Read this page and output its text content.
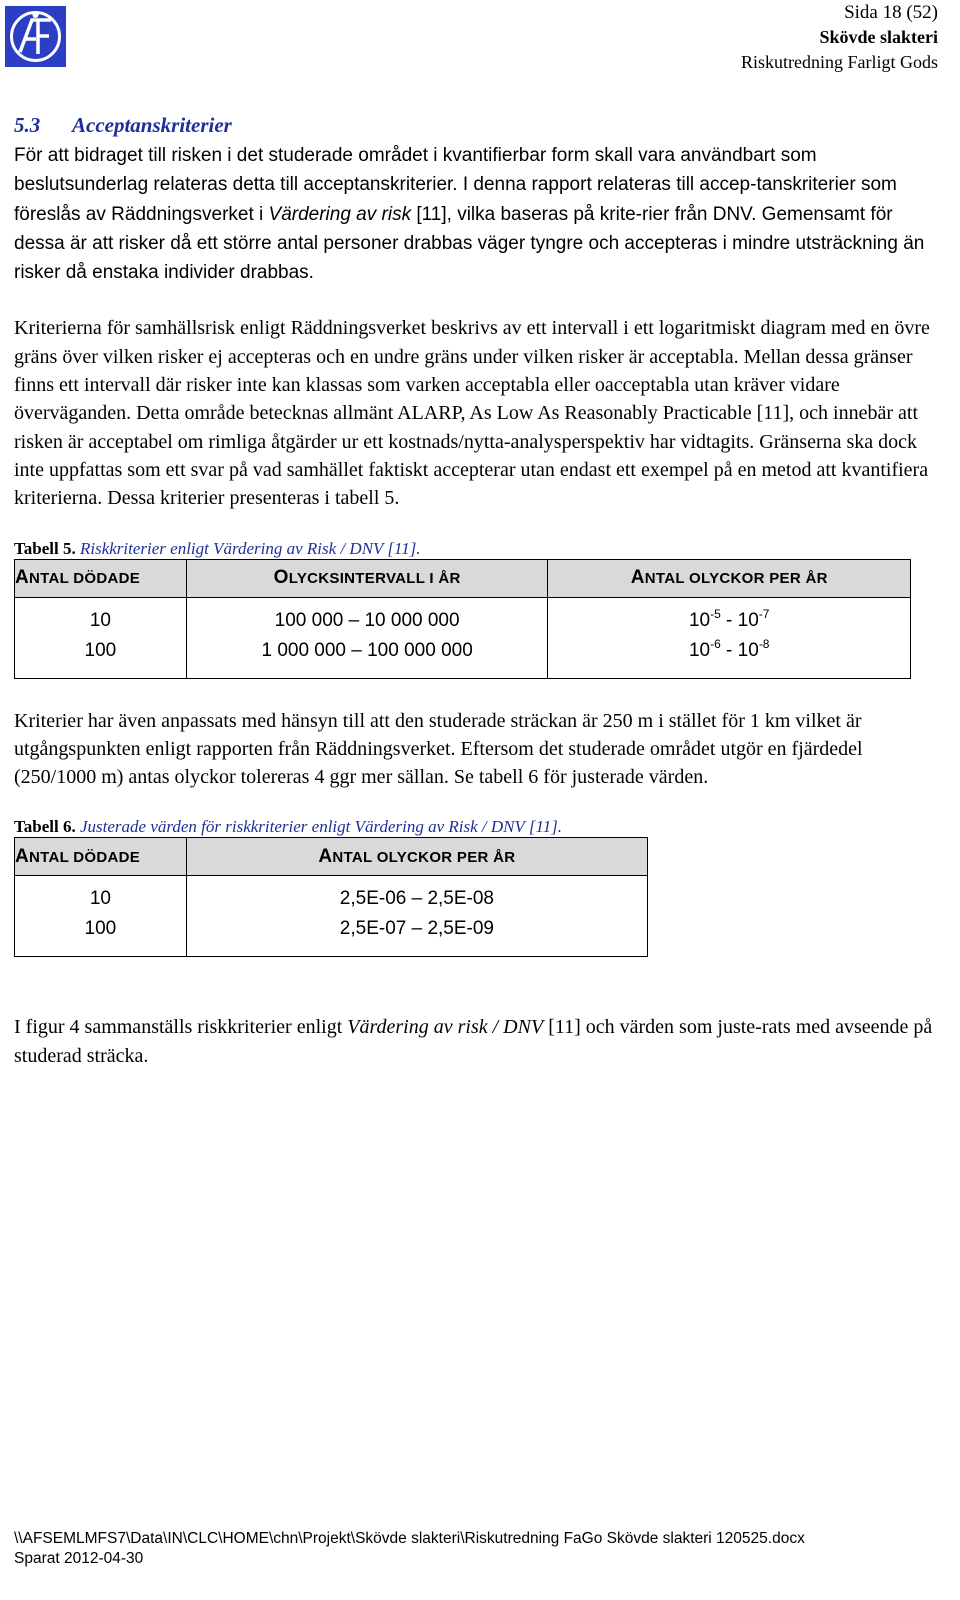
Sida 18 (52)
Skövde slakteri
Riskutredning Farligt Gods
5.3 Acceptanskriterier

För att bidraget till risken i det studerade området i kvantifierbar form skall vara användbart som beslutsunderlag relateras detta till acceptanskriterier. I denna rapport relateras till accep-tanskriterier som föreslås av Räddningsverket i Värdering av risk [11], vilka baseras på krite-rier från DNV. Gemensamt för dessa är att risker då ett större antal personer drabbas väger tyngre och accepteras i mindre utsträckning än risker då enstaka individer drabbas.

Kriterierna för samhällsrisk enligt Räddningsverket beskrivs av ett intervall i ett logaritmiskt diagram med en övre gräns över vilken risker ej accepteras och en undre gräns under vilken risker är acceptabla. Mellan dessa gränser finns ett intervall där risker inte kan klassas som varken acceptabla eller oacceptabla utan kräver vidare överväganden. Detta område betecknas allmänt ALARP, As Low As Reasonably Practicable [11], och innebär att risken är acceptabel om rimliga åtgärder ur ett kostnads/nytta-analysperspektiv har vidtagits. Gränserna ska dock inte uppfattas som ett svar på vad samhället faktiskt accepterar utan endast ett exempel på en metod att kvantifiera kriterierna. Dessa kriterier presenteras i tabell 5.

Tabell 5. Riskkriterier enligt Värdering av Risk / DNV [11].
ANTAL DÖDADE	OLYCKSINTERVALL I ÅR	ANTAL OLYCKOR PER ÅR
10	100 000 – 10 000 000	$10^{-5} - 10^{-7}$
100	1 000 000 – 100 000 000	$10^{-6} - 10^{-8}$

Kriterier har även anpassats med hänsyn till att den studerade sträckan är 250 m i stället för 1 km vilket är utgångspunkten enligt rapporten från Räddningsverket. Eftersom det studerade området utgör en fjärdedel (250/1000 m) antas olyckor tolereras 4 ggr mer sällan. Se tabell 6 för justerade värden.

Tabell 6. Justerade värden för riskkriterier enligt Värdering av Risk / DNV [11].
ANTAL DÖDADE	ANTAL OLYCKOR PER ÅR
10	2,5E-06 – 2,5E-08
100	2,5E-07 – 2,5E-09

I figur 4 sammanställs riskkriterier enligt Värdering av risk / DNV [11] och värden som juste-rats med avseende på studerad sträcka.

\\AFSEMLMFS7\Data\IN\CLC\HOME\chn\Projekt\Skövde slakteri\Riskutredning FaGo Skövde slakteri 120525.docx
Sparat 2012-04-30
